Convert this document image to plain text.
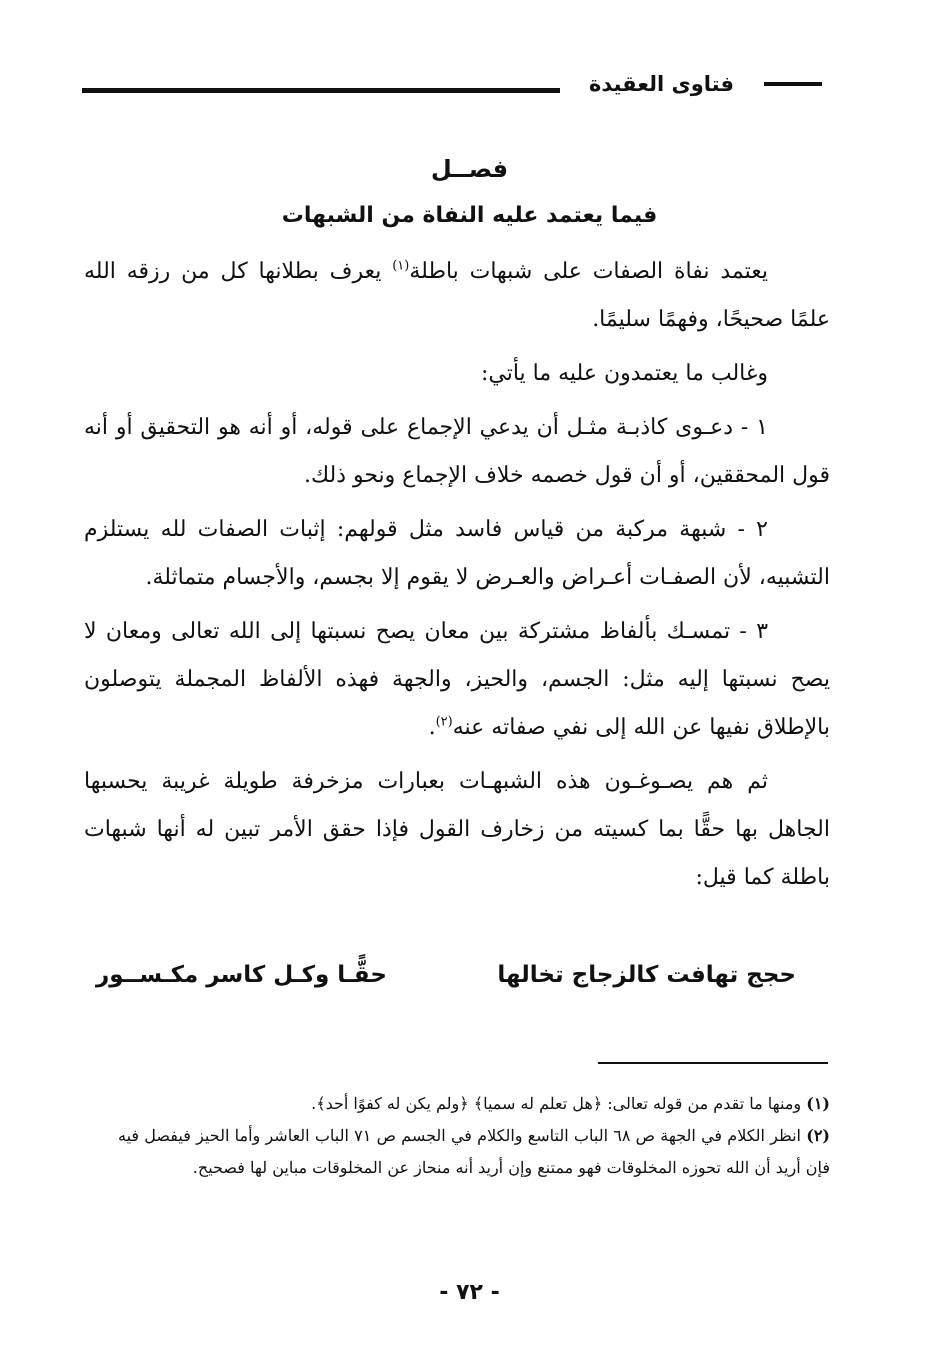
فتاوى العقيدة
فصــل
فيما يعتمد عليه النفاة من الشبهات

يعتمد نفاة الصفات على شبهات باطلة$^{(١)}$ يعرف بطلانها كل من رزقه الله علمًا صحيحًا، وفهمًا سليمًا.

وغالب ما يعتمدون عليه ما يأتي:

١ - دعـوى كاذبـة مثـل أن يدعي الإجماع على قوله، أو أنه هو التحقيق أو أنه قول المحققين، أو أن قول خصمه خلاف الإجماع ونحو ذلك.

٢ - شبهة مركبة من قياس فاسد مثل قولهم: إثبات الصفات لله يستلزم التشبيه، لأن الصفـات أعـراض والعـرض لا يقوم إلا بجسم، والأجسام متماثلة.

٣ - تمسـك بألفاظ مشتركة بين معان يصح نسبتها إلى الله تعالى ومعان لا يصح نسبتها إليه مثل: الجسم، والحيز، والجهة فهذه الألفاظ المجملة يتوصلون بالإطلاق نفيها عن الله إلى نفي صفاته عنه$^{(٢)}$.

ثم هم يصـوغـون هذه الشبهـات بعبارات مزخرفة طويلة غريبة يحسبها الجاهل بها حقًّا بما كسيته من زخارف القول فإذا حقق الأمر تبين له أنها شبهات باطلة كما قيل:

حجج تهافت كالزجاج تخالها
حقًّـا وكـل كاسر مكـســور

(١) ومنها ما تقدم من قوله تعالى: ﴿هل تعلم له سميا﴾ ﴿ولم يكن له كفوًا أحد﴾.

(٢) انظر الكلام في الجهة ص ٦٨ الباب التاسع والكلام في الجسم ص ٧١ الباب العاشر وأما الحيز فيفصل فيه فإن أريد أن الله تحوزه المخلوقات فهو ممتنع وإن أريد أنه منحاز عن المخلوقات مباين لها فصحيح.

- ٧٢ -
